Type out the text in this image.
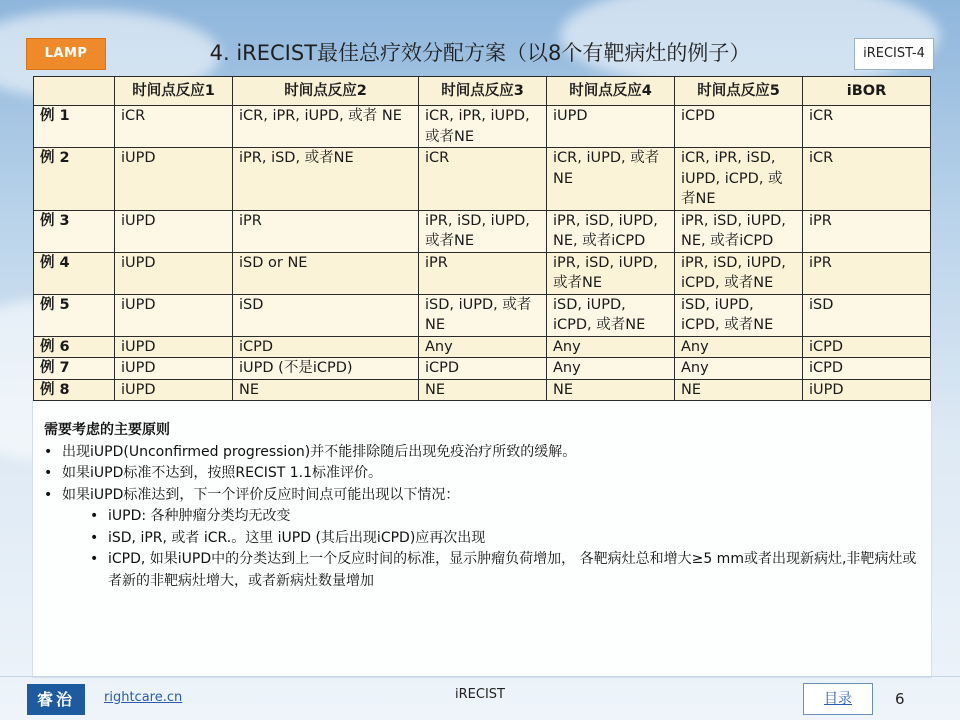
LAMP	4. iRECIST最佳总疗效分配方案（以8个有靶病灶的例子）	iRECIST-4
	时间点反应1	时间点反应2	时间点反应3	时间点反应4	时间点反应5	iBOR
例 1	iCR	iCR, iPR, iUPD, 或者 NE	iCR, iPR, iUPD, 或者NE	iUPD	iCPD	iCR
例 2	iUPD	iPR, iSD, 或者NE	iCR	iCR, iUPD, 或者 NE	iCR, iPR, iSD, iUPD, iCPD, 或者NE	iCR
例 3	iUPD	iPR	iPR, iSD, iUPD, 或者NE	iPR, iSD, iUPD, NE, 或者iCPD	iPR, iSD, iUPD, NE, 或者iCPD	iPR
例 4	iUPD	iSD or NE	iPR	iPR, iSD, iUPD, 或者NE	iPR, iSD, iUPD, iCPD, 或者NE	iPR
例 5	iUPD	iSD	iSD, iUPD, 或者 NE	iSD, iUPD, iCPD, 或者NE	iSD, iUPD, iCPD, 或者NE	iSD
例 6	iUPD	iCPD	Any	Any	Any	iCPD
例 7	iUPD	iUPD (不是iCPD)	iCPD	Any	Any	iCPD
例 8	iUPD	NE	NE	NE	NE	iUPD
需要考虑的主要原则
• 出现iUPD(Unconfirmed progression)并不能排除随后出现免疫治疗所致的缓解。
• 如果iUPD标准不达到，按照RECIST 1.1标准评价。
• 如果iUPD标准达到，下一个评价反应时间点可能出现以下情况：
• iUPD: 各种肿瘤分类均无改变
• iSD, iPR, 或者 iCR.。这里 iUPD (其后出现iCPD)应再次出现
• iCPD, 如果iUPD中的分类达到上一个反应时间的标准，显示肿瘤负荷增加， 各靶病灶总和增大≥5 mm或者出现新病灶,非靶病灶或者新的非靶病灶增大，或者新病灶数量增加
睿治	rightcare.cn	iRECIST	目录	6
